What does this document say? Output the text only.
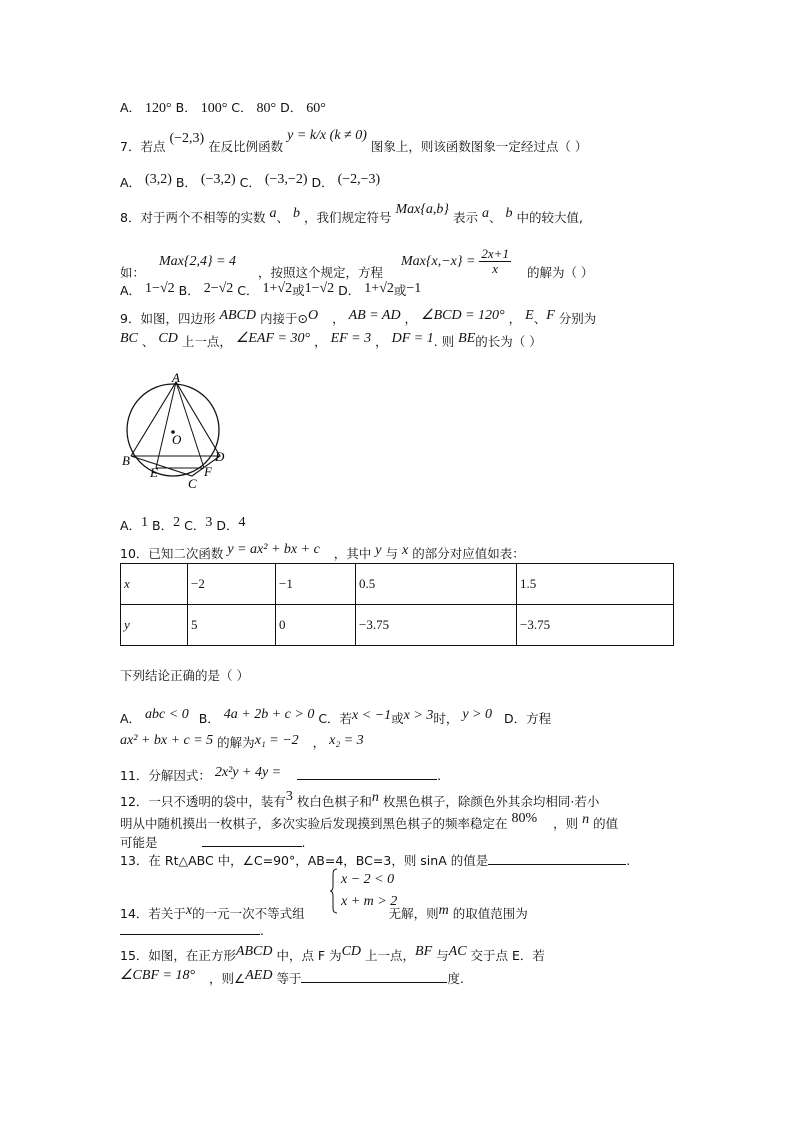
A． 120° B． 100° C． 80° D． 60°
7．若点 (−2,3) 在反比例函数 y = k/x (k ≠ 0) 图象上，则该函数图象一定经过点（ ）
A． (3,2) B． (−3,2) C． (−3,−2) D． (−2,−3)
8．对于两个不相等的实数 a、 b ，我们规定符号 Max{a,b} 表示 a、 b 中的较大值,
如： Max{2,4} = 4 ，按照这个规定，方程 $Max\{x,-x\} = \frac{2x+1}{x}$ 的解为（ ）
A． 1−√2 B． 2−√2 C． 1+√2或1−√2 D． 1+√2或−1
9．如图，四边形 ABCD 内接于⊙O ， AB = AD ， ∠BCD = 120° ， E、F 分别为
BC 、 CD 上一点， ∠EAF = 30° ， EF = 3 ， DF = 1. 则 BE的长为（ ）
A
O
B	D
E	F
C
A．1 B．2 C．3 D．4
10．已知二次函数 y = ax² + bx + c ，其中 y 与 x 的部分对应值如表：
x	−2	−1	0.5	1.5
y	5	0	−3.75	−3.75
下列结论正确的是（ ）
A． abc < 0 B． 4a + 2b + c > 0 C．若x < −1或x > 3时， y > 0 D．方程
ax² + bx + c = 5 的解为x₁ = −2 ， x₂ = 3
11．分解因式： 2x²y + 4y =	.
12．一只不透明的袋中，装有3 枚白色棋子和n 枚黑色棋子，除颜色外其余均相同·若小
明从中随机摸出一枚棋子，多次实验后发现摸到黑色棋子的频率稳定在 80% ，则 n 的值
可能是	.
13．在 Rt△ABC 中，∠C=90°，AB=4，BC=3，则 sinA 的值是	.
x − 2 < 0
x + m > 2
14．若关于x的一元一次不等式组	无解，则m 的取值范围为
.
15．如图，在正方形ABCD 中，点 F 为CD 上一点，BF 与AC 交于点 E．若
∠CBF = 18° ，则∠AED 等于	度.
